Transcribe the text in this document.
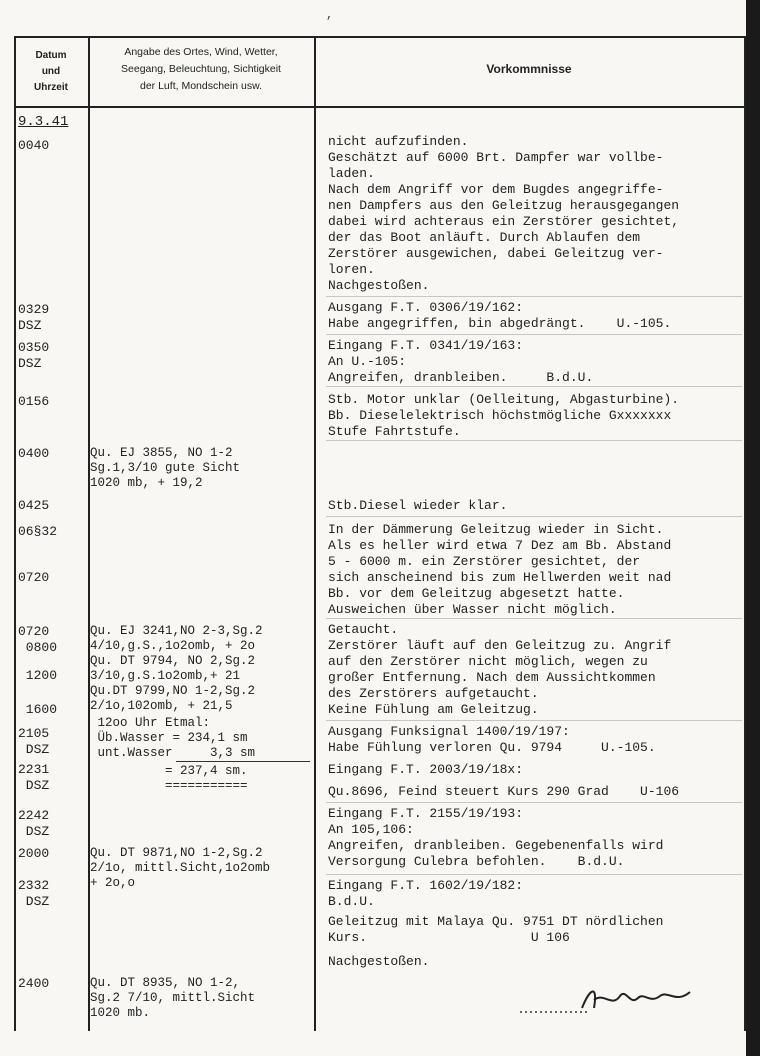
,
Datum
und
Uhrzeit
Angabe des Ortes, Wind, Wetter,
Seegang, Beleuchtung, Sichtigkeit
der Luft, Mondschein usw.
Vorkommnisse
9.3.41
0040
0329
DSZ
0350
DSZ
0156
0400
0425
06§32
0720
0720
0800
1200
1600
2105
DSZ
2231
DSZ
2242
DSZ
2000
2332
DSZ
2400
Qu. EJ 3855, NO 1-2
Sg.1,3/10 gute Sicht
1020 mb, + 19,2
Qu. EJ 3241,NO 2-3,Sg.2
4/10,g.S.,1o2omb, + 2o
Qu. DT 9794, NO 2,Sg.2
3/10,g.S.1o2omb,+ 21
Qu.DT 9799,NO 1-2,Sg.2
2/1o,102omb, + 21,5
12oo Uhr Etmal:
Üb.Wasser = 234,1 sm
unt.Wasser     3,3 sm
= 237,4 sm.
===========
Qu. DT 9871,NO 1-2,Sg.2
2/1o, mittl.Sicht,1o2omb
+ 2o,o
Qu. DT 8935, NO 1-2,
Sg.2 7/10, mittl.Sicht
1020 mb.
nicht aufzufinden.
Geschätzt auf 6000 Brt. Dampfer war vollbe-
laden.
Nach dem Angriff vor dem Bugdes angegriffe-
nen Dampfers aus den Geleitzug herausgegangen
dabei wird achteraus ein Zerstörer gesichtet,
der das Boot anläuft. Durch Ablaufen dem
Zerstörer ausgewichen, dabei Geleitzug ver-
loren.
Nachgestoßen.
Ausgang F.T. 0306/19/162:
Habe angegriffen, bin abgedrängt.    U.-105.
Eingang F.T. 0341/19/163:
An U.-105:
Angreifen, dranbleiben.     B.d.U.
Stb. Motor unklar (Oelleitung, Abgasturbine).
Bb. Dieselelektrisch höchstmögliche Gxxxxxxx
Stufe Fahrtstufe.
Stb.Diesel wieder klar.
In der Dämmerung Geleitzug wieder in Sicht.
Als es heller wird etwa 7 Dez am Bb. Abstand
5 - 6000 m. ein Zerstörer gesichtet, der
sich anscheinend bis zum Hellwerden weit nad
Bb. vor dem Geleitzug abgesetzt hatte.
Ausweichen über Wasser nicht möglich.
Getaucht.
Zerstörer läuft auf den Geleitzug zu. Angrif
auf den Zerstörer nicht möglich, wegen zu
großer Entfernung. Nach dem Aussichtkommen
des Zerstörers aufgetaucht.
Keine Fühlung am Geleitzug.
Ausgang Funksignal 1400/19/197:
Habe Fühlung verloren Qu. 9794     U.-105.
Eingang F.T. 2003/19/18x:
Qu.8696, Feind steuert Kurs 290 Grad    U-106
Eingang F.T. 2155/19/193:
An 105,106:
Angreifen, dranbleiben. Gegebenenfalls wird
Versorgung Culebra befohlen.    B.d.U.
Eingang F.T. 1602/19/182:
B.d.U.
Geleitzug mit Malaya Qu. 9751 DT nördlichen
Kurs.                     U 106
Nachgestoßen.
